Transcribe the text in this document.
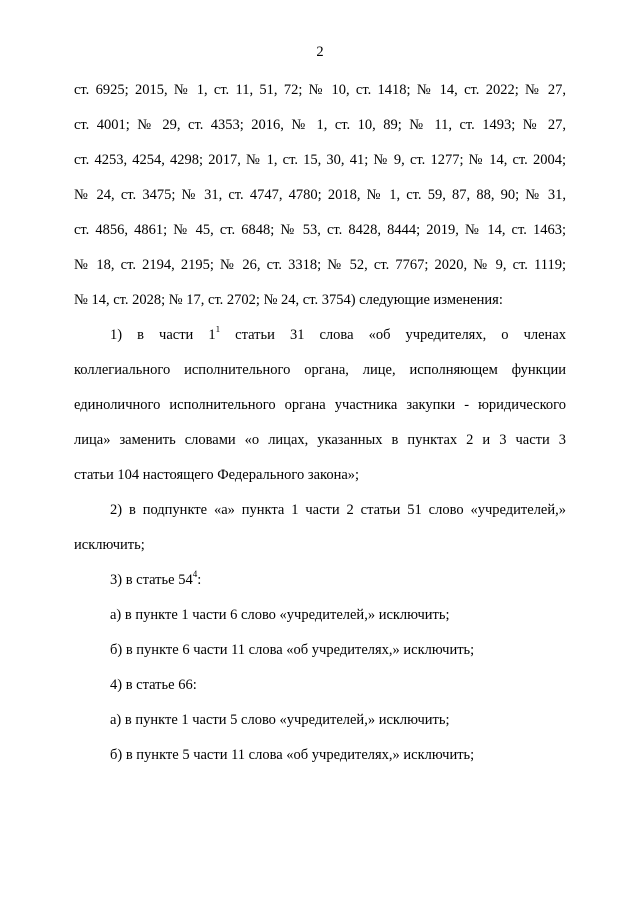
2
ст. 6925; 2015, № 1, ст. 11, 51, 72; № 10, ст. 1418; № 14, ст. 2022; № 27,
ст. 4001; № 29, ст. 4353; 2016, № 1, ст. 10, 89; № 11, ст. 1493; № 27,
ст. 4253, 4254, 4298; 2017, № 1, ст. 15, 30, 41; № 9, ст. 1277; № 14, ст. 2004;
№ 24, ст. 3475; № 31, ст. 4747, 4780; 2018, № 1, ст. 59, 87, 88, 90; № 31,
ст. 4856, 4861; № 45, ст. 6848; № 53, ст. 8428, 8444; 2019, № 14, ст. 1463;
№ 18, ст. 2194, 2195; № 26, ст. 3318; № 52, ст. 7767; 2020, № 9, ст. 1119;
№ 14, ст. 2028; № 17, ст. 2702; № 24, ст. 3754) следующие изменения:
1) в части $1^1$ статьи 31 слова «об учредителях, о членах
коллегиального исполнительного органа, лице, исполняющем функции
единоличного исполнительного органа участника закупки - юридического
лица» заменить словами «о лицах, указанных в пунктах 2 и 3 части 3
статьи 104 настоящего Федерального закона»;
2) в подпункте «а» пункта 1 части 2 статьи 51 слово «учредителей,»
исключить;
3) в статье $54^4$:
а) в пункте 1 части 6 слово «учредителей,» исключить;
б) в пункте 6 части 11 слова «об учредителях,» исключить;
4) в статье 66:
а) в пункте 1 части 5 слово «учредителей,» исключить;
б) в пункте 5 части 11 слова «об учредителях,» исключить;
